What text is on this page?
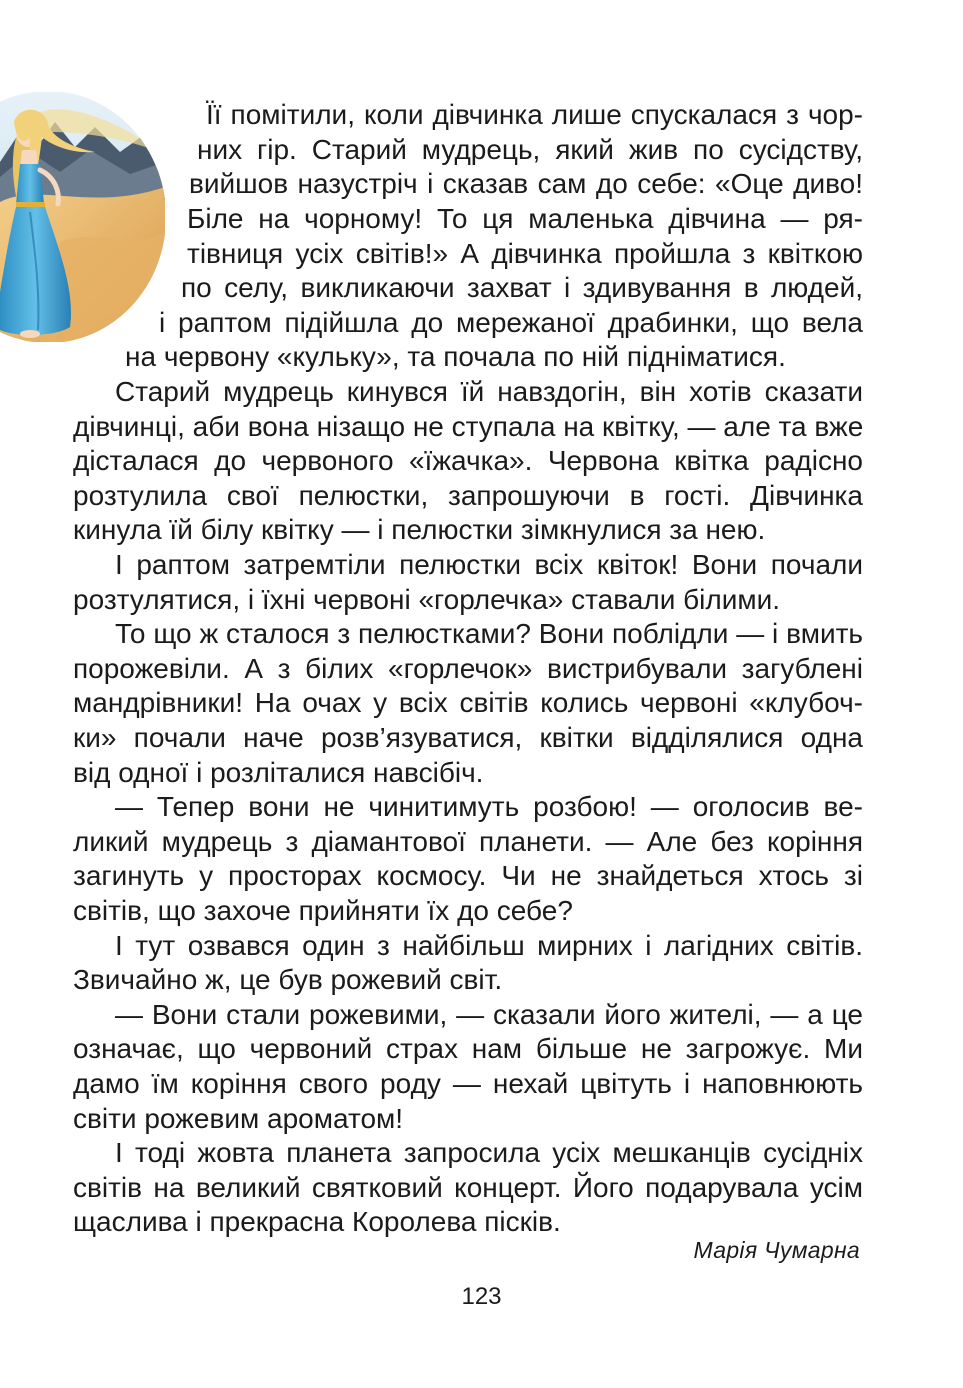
Її помітили, коли дівчинка лише спускалася з чор-
них гір. Старий мудрець, який жив по сусідству,
вийшов назустріч і сказав сам до себе: «Оце диво!
Біле на чорному! То ця маленька дівчина — ря-
тівниця усіх світів!» А дівчинка пройшла з квіткою
по селу, викликаючи захват і здивування в людей,
і раптом підійшла до мережаної драбинки, що вела
на червону «кульку», та почала по ній підніматися.
Старий мудрець кинувся їй навздогін, він хотів сказати
дівчинці, аби вона нізащо не ступала на квітку, — але та вже
дісталася до червоного «їжачка». Червона квітка радісно
розтулила свої пелюстки, запрошуючи в гості. Дівчинка
кинула їй білу квітку — і пелюстки зімкнулися за нею.
І раптом затремтіли пелюстки всіх квіток! Вони почали
розтулятися, і їхні червоні «горлечка» ставали білими.
То що ж сталося з пелюстками? Вони поблідли — і вмить
порожевіли. А з білих «горлечок» вистрибували загублені
мандрівники! На очах у всіх світів колись червоні «клубоч-
ки» почали наче розв’язуватися, квітки відділялися одна
від одної і розліталися навсібіч.
— Тепер вони не чинитимуть розбою! — оголосив ве-
ликий мудрець з діамантової планети. — Але без коріння
загинуть у просторах космосу. Чи не знайдеться хтось зі
світів, що захоче прийняти їх до себе?
І тут озвався один з найбільш мирних і лагідних світів.
Звичайно ж, це був рожевий світ.
— Вони стали рожевими, — сказали його жителі, — а це
означає, що червоний страх нам більше не загрожує. Ми
дамо їм коріння свого роду — нехай цвітуть і наповнюють
світи рожевим ароматом!
І тоді жовта планета запросила усіх мешканців сусідніх
світів на великий святковий концерт. Його подарувала усім
щаслива і прекрасна Королева пісків.
Марія Чумарна
123
